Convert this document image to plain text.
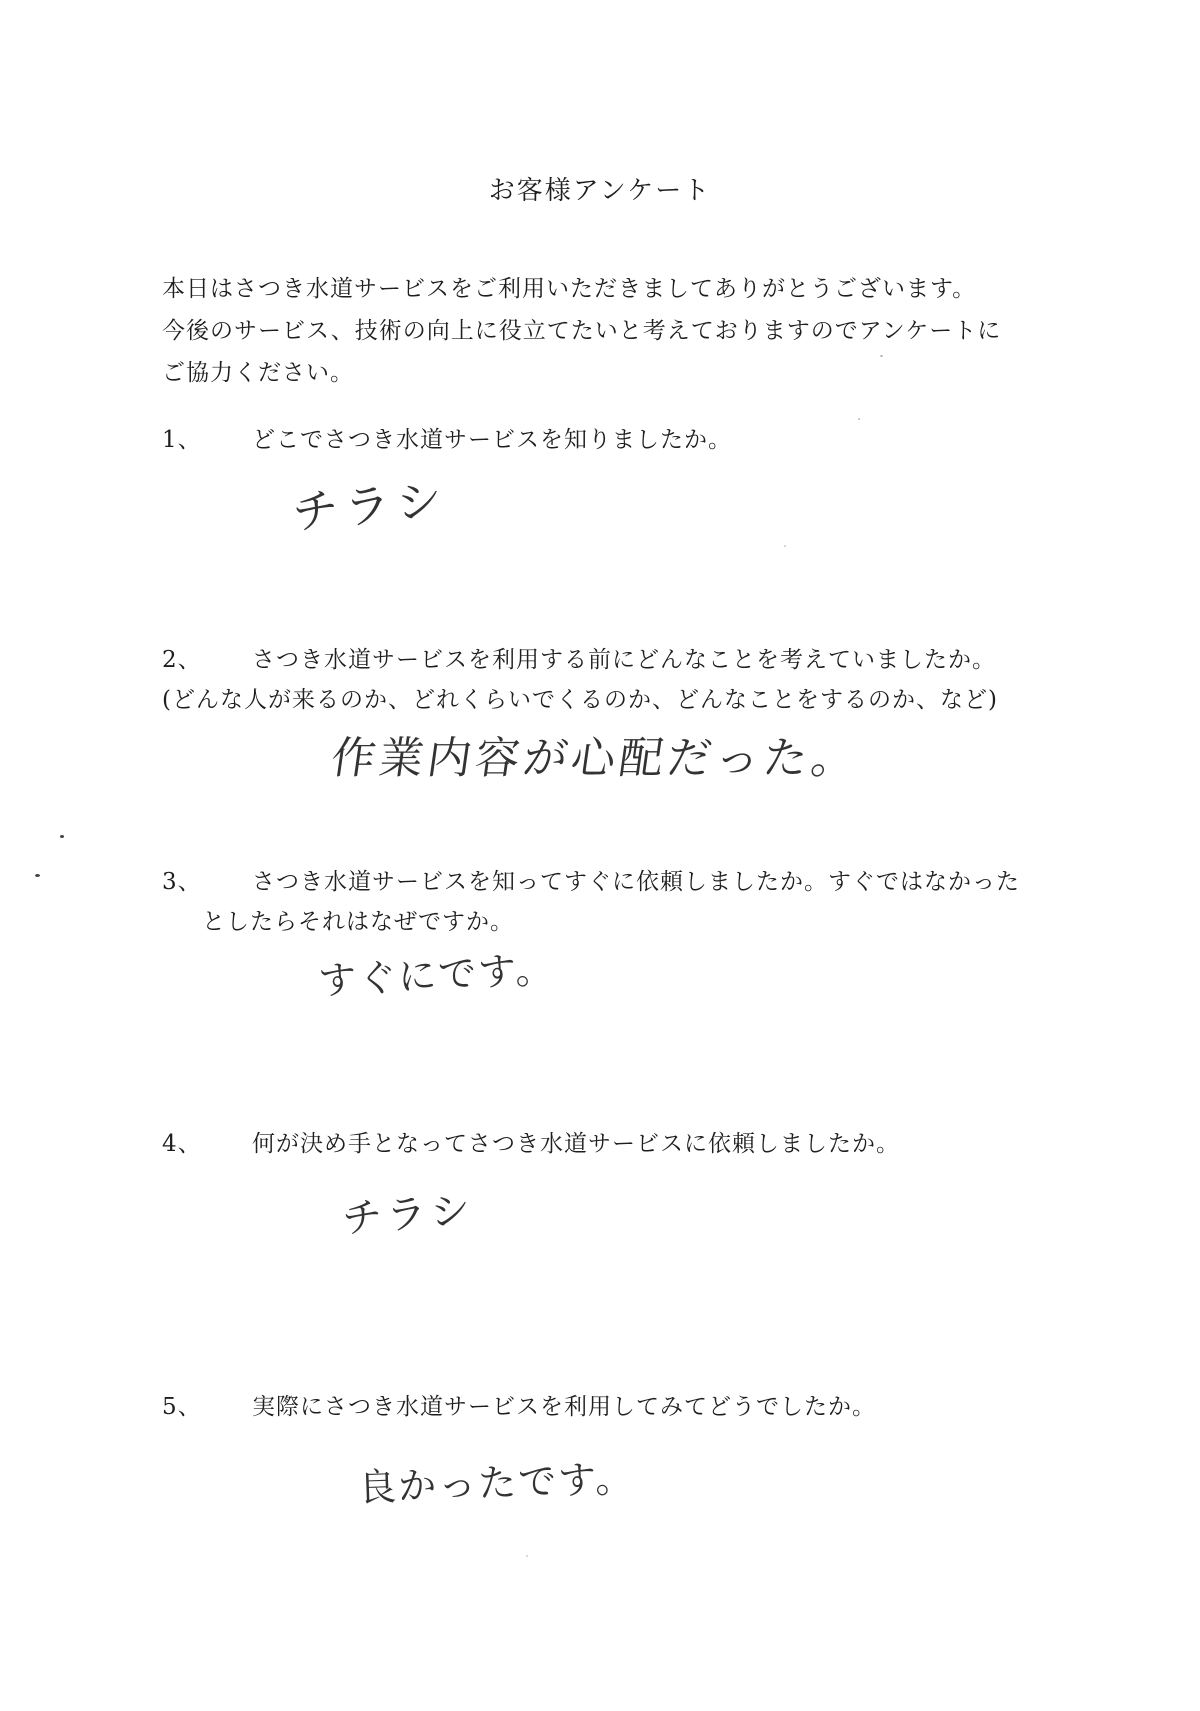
お客様アンケート
本日はさつき水道サービスをご利用いただきましてありがとうございます。
今後のサービス、技術の向上に役立てたいと考えておりますのでアンケートに
ご協力ください。
1、 どこでさつき水道サービスを知りましたか。
チラシ
2、 さつき水道サービスを利用する前にどんなことを考えていましたか。
(どんな人が来るのか、どれくらいでくるのか、どんなことをするのか、など)
作業内容が心配だった。
3、 さつき水道サービスを知ってすぐに依頼しましたか。すぐではなかった
としたらそれはなぜですか。
すぐにです。
4、 何が決め手となってさつき水道サービスに依頼しましたか。
チラシ
5、 実際にさつき水道サービスを利用してみてどうでしたか。
良かったです。
